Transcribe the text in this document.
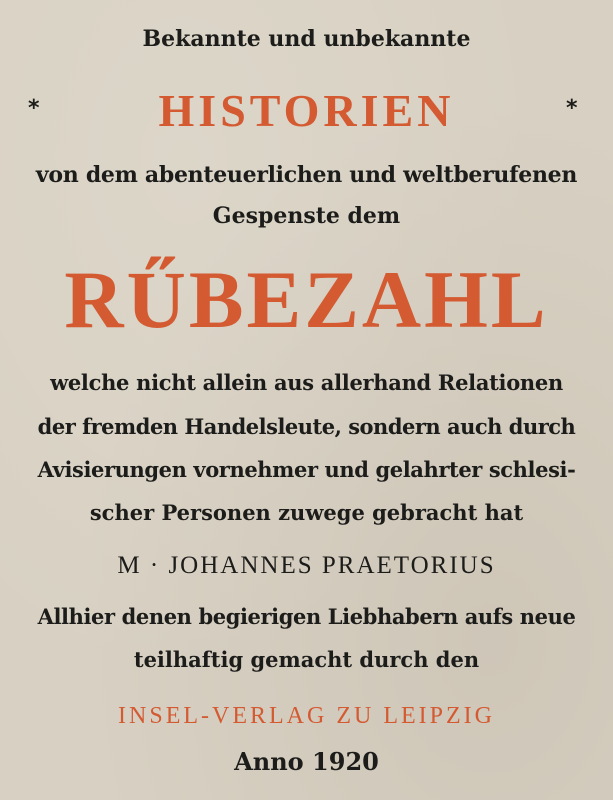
Bekannte und unbekannte
*	HISTORIEN	*
von dem abenteuerlichen und weltberufenen
Gespenste dem
RŰBEZAHL
welche nicht allein aus allerhand Relationen
der fremden Handelsleute, sondern auch durch
Avisierungen vornehmer und gelahrter schlesi-
scher Personen zuwege gebracht hat
M · JOHANNES PRAETORIUS
Allhier denen begierigen Liebhabern aufs neue
teilhaftig gemacht durch den
INSEL-VERLAG ZU LEIPZIG
Anno 1920
